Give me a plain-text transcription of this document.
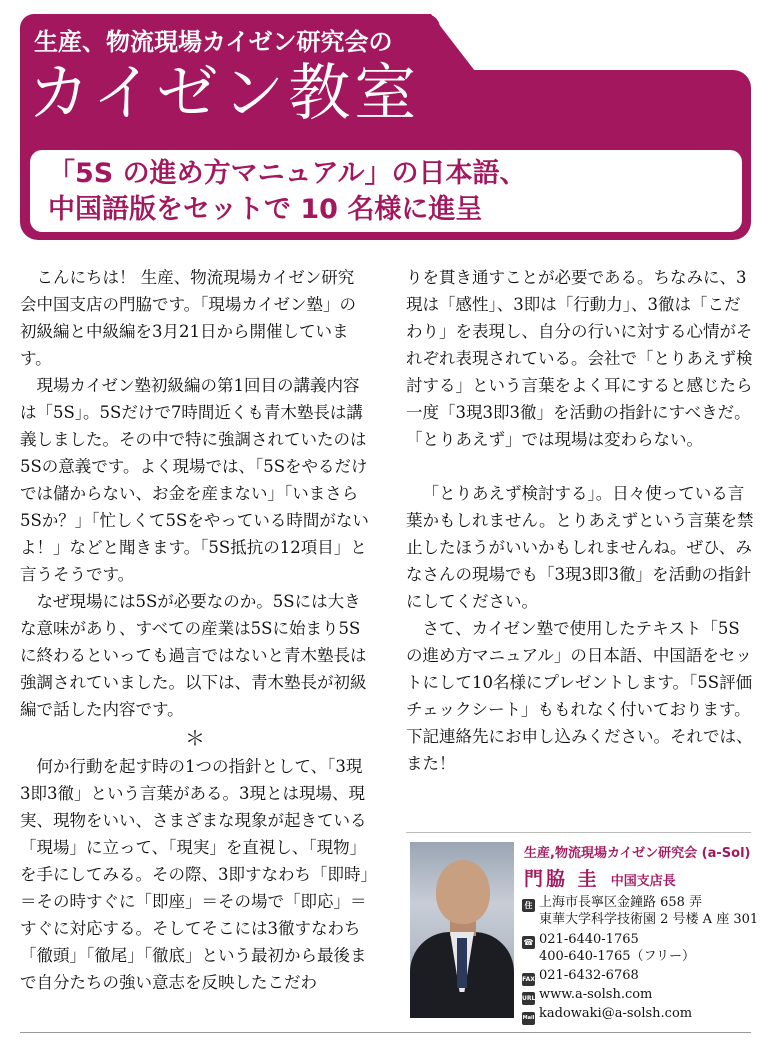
生産、物流現場カイゼン研究会の
カイゼン教室
「5S の進め方マニュアル」の日本語、
中国語版をセットで 10 名様に進呈

こんにちは！ 生産、物流現場カイゼン研究会中国支店の門脇です。「現場カイゼン塾」の初級編と中級編を3月21日から開催しています。

現場カイゼン塾初級編の第1回目の講義内容は「5S」。5Sだけで7時間近くも青木塾長は講義しました。その中で特に強調されていたのは5Sの意義です。よく現場では、「5Sをやるだけでは儲からない、お金を産まない」「いまさら5Sか？」「忙しくて5Sをやっている時間がないよ！」などと聞きます。「5S抵抗の12項目」と言うそうです。

なぜ現場には5Sが必要なのか。5Sには大きな意味があり、すべての産業は5Sに始まり5Sに終わるといっても過言ではないと青木塾長は強調されていました。以下は、青木塾長が初級編で話した内容です。

＊

何か行動を起す時の1つの指針として、「3現3即3徹」という言葉がある。3現とは現場、現実、現物をいい、さまざまな現象が起きている「現場」に立って、「現実」を直視し、「現物」を手にしてみる。その際、3即すなわち「即時」＝その時すぐに「即座」＝その場で「即応」＝すぐに対応する。そしてそこには3徹すなわち「徹頭」「徹尾」「徹底」という最初から最後まで自分たちの強い意志を反映したこだわ

りを貫き通すことが必要である。ちなみに、3現は「感性」、3即は「行動力」、3徹は「こだわり」を表現し、自分の行いに対する心情がそれぞれ表現されている。会社で「とりあえず検討する」という言葉をよく耳にすると感じたら一度「3現3即3徹」を活動の指針にすべきだ。「とりあえず」では現場は変わらない。

「とりあえず検討する」。日々使っている言葉かもしれません。とりあえずという言葉を禁止したほうがいいかもしれませんね。ぜひ、みなさんの現場でも「3現3即3徹」を活動の指針にしてください。

さて、カイゼン塾で使用したテキスト「5Sの進め方マニュアル」の日本語、中国語をセットにして10名様にプレゼントします。「5S評価チェックシート」ももれなく付いております。下記連絡先にお申し込みください。それでは、また！

生産,物流現場カイゼン研究会 (a-Sol)
門脇 圭 中国支店長
住 上海市長寧区金鐘路 658 弄
東華大学科学技術園 2 号楼 A 座 301
☎ 021-6440-1765
400-640-1765（フリー）
FAX 021-6432-6768
URL www.a-solsh.com
Mail kadowaki@a-solsh.com
